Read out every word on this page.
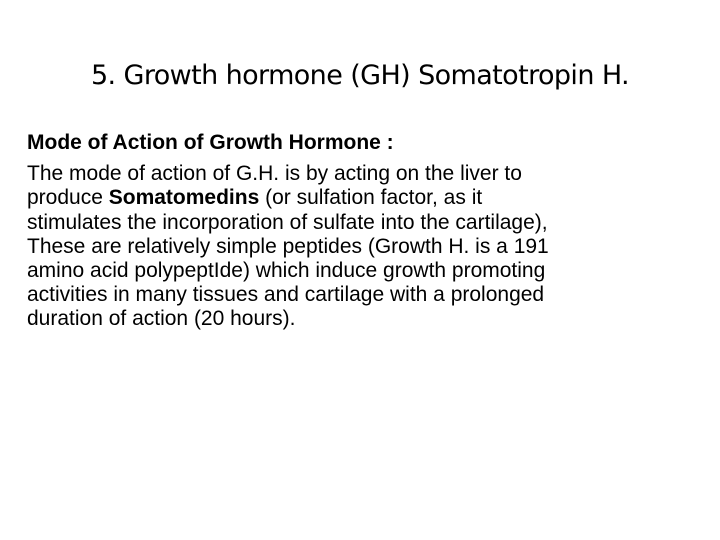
5. Growth hormone (GH) Somatotropin H.

Mode of Action of Growth Hormone :

The mode of action of G.H. is by acting on the liver to
produce Somatomedins (or sulfation factor, as it
stimulates the incorporation of sulfate into the cartilage),
These are relatively simple peptides (Growth H. is a 191
amino acid polypeptIde) which induce growth promoting
activities in many tissues and cartilage with a prolonged
duration of action (20 hours).
